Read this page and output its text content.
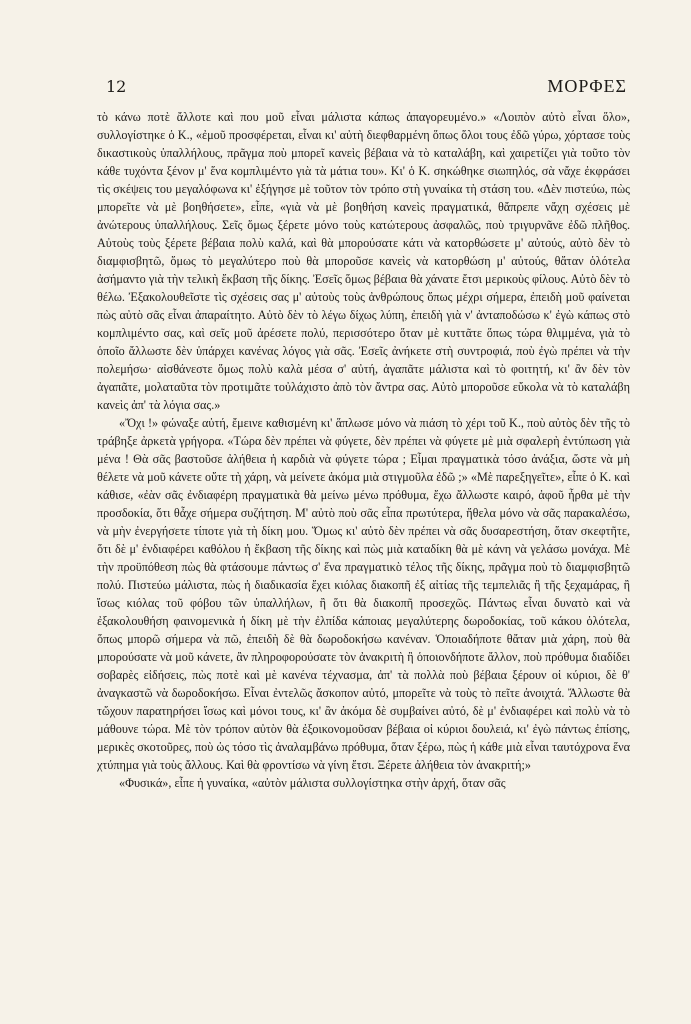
12	ΜΟΡΦΕΣ

τὸ κάνω ποτὲ ἄλλοτε καὶ που μοῦ εἶναι μάλιστα κάπως ἀπαγορευμένο.» «Λοιπὸν αὐτὸ εἶναι ὅλο», συλλογίστηκε ὁ Κ., «ἐμοῦ προσφέρεται, εἶναι κι' αὐτὴ διεφθαρμένη ὅπως ὅλοι τους ἐδῶ γύρω, χόρτασε τοὺς δικαστικοὺς ὑπαλλήλους, πρᾶγμα ποὺ μπορεῖ κανεὶς βέβαια νὰ τὸ καταλάβη, καὶ χαιρετίζει γιὰ τοῦτο τὸν κάθε τυχόντα ξένον μ' ἕνα κομπλιμέντο γιὰ τὰ μάτια του». Κι' ὁ Κ. σηκώθηκε σιωπηλός, σὰ νἄχε ἐκφράσει τὶς σκέψεις του μεγαλόφωνα κι' ἐξήγησε μὲ τοῦτον τὸν τρόπο στὴ γυναίκα τὴ στάση του. «Δὲν πιστεύω, πὼς μπορεῖτε νὰ μὲ βοηθήσετε», εἶπε, «γιὰ νὰ μὲ βοηθήση κανεὶς πραγματικά, θἄπρεπε νἄχη σχέσεις μὲ ἀνώτερους ὑπαλλήλους. Σεῖς ὅμως ξέρετε μόνο τοὺς κατώτερους ἀσφαλῶς, ποὺ τριγυρνᾶνε ἐδῶ πλῆθος. Αὐτοὺς τοὺς ξέρετε βέβαια πολὺ καλά, καὶ θὰ μπορούσατε κάτι νὰ κατορθώσετε μ' αὐτούς, αὐτὸ δὲν τὸ διαμφισβητῶ, ὅμως τὸ μεγαλύτερο ποὺ θὰ μποροῦσε κανεὶς νὰ κατορθώση μ' αὐτούς, θἄταν ὁλότελα ἀσήμαντο γιὰ τὴν τελικὴ ἔκβαση τῆς δίκης. Ἐσεῖς ὅμως βέβαια θὰ χάνατε ἔτσι μερικοὺς φίλους. Αὐτὸ δὲν τὸ θέλω. Ἐξακολουθεῖστε τὶς σχέσεις σας μ' αὐτοὺς τοὺς ἀνθρώπους ὅπως μέχρι σήμερα, ἐπειδὴ μοῦ φαίνεται πὼς αὐτὸ σᾶς εἶναι ἀπαραίτητο. Αὐτὸ δὲν τὸ λέγω δίχως λύπη, ἐπειδὴ γιὰ ν' ἀνταποδώσω κ' ἐγὼ κάπως στὸ κομπλιμέντο σας, καὶ σεῖς μοῦ ἀρέσετε πολύ, περισσότερο ὅταν μὲ κυττᾶτε ὅπως τώρα θλιμμένα, γιὰ τὸ ὁποῖο ἄλλωστε δὲν ὑπάρχει κανένας λόγος γιὰ σᾶς. Ἐσεῖς ἀνήκετε στὴ συντροφιά, ποὺ ἐγὼ πρέπει νὰ τὴν πολεμήσω· αἰσθάνεστε ὅμως πολὺ καλὰ μέσα σ' αὐτή, ἀγαπᾶτε μάλιστα καὶ τὸ φοιτητή, κι' ἂν δὲν τὸν ἀγαπᾶτε, μολαταῦτα τὸν προτιμᾶτε τοὐλάχιστο ἀπὸ τὸν ἄντρα σας. Αὐτὸ μποροῦσε εὔκολα νὰ τὸ καταλάβη κανεὶς ἀπ' τὰ λόγια σας.»

«Ὄχι !» φώναξε αὐτή, ἔμεινε καθισμένη κι' ἅπλωσε μόνο νὰ πιάση τὸ χέρι τοῦ Κ., ποὺ αὐτὸς δὲν τῆς τὸ τράβηξε ἀρκετὰ γρήγορα. «Τώρα δὲν πρέπει νὰ φύγετε, δὲν πρέπει νὰ φύγετε μὲ μιὰ σφαλερὴ ἐντύπωση γιὰ μένα ! Θὰ σᾶς βαστοῦσε ἀλήθεια ἡ καρδιὰ νὰ φύγετε τώρα ; Εἶμαι πραγματικὰ τόσο ἀνάξια, ὥστε νὰ μὴ θέλετε νὰ μοῦ κάνετε οὔτε τὴ χάρη, νὰ μείνετε ἀκόμα μιὰ στιγμοῦλα ἐδῶ ;» «Μὲ παρεξηγεῖτε», εἶπε ὁ Κ. καὶ κάθισε, «ἐὰν σᾶς ἐνδιαφέρη πραγματικὰ θὰ μείνω μένω πρόθυμα, ἔχω ἄλλωστε καιρό, ἀφοῦ ἦρθα μὲ τὴν προσδοκία, ὅτι θἆχε σήμερα συζήτηση. Μ' αὐτὸ ποὺ σᾶς εἶπα πρωτύτερα, ἤθελα μόνο νὰ σᾶς παρακαλέσω, νὰ μὴν ἐνεργήσετε τίποτε γιὰ τὴ δίκη μου. Ὅμως κι' αὐτὸ δὲν πρέπει νὰ σᾶς δυσαρεστήση, ὅταν σκεφτῆτε, ὅτι δὲ μ' ἐνδιαφέρει καθόλου ἡ ἔκβαση τῆς δίκης καὶ πὼς μιὰ καταδίκη θὰ μὲ κάνη νὰ γελάσω μονάχα. Μὲ τὴν προϋπόθεση πὼς θὰ φτάσουμε πάντως σ' ἕνα πραγματικὸ τέλος τῆς δίκης, πρᾶγμα ποὺ τὸ διαμφισβητῶ πολύ. Πιστεύω μάλιστα, πὼς ἡ διαδικασία ἔχει κιόλας διακοπῆ ἐξ αἰτίας τῆς τεμπελιᾶς ἢ τῆς ξεχαμάρας, ἢ ἴσως κιόλας τοῦ φόβου τῶν ὑπαλλήλων, ἢ ὅτι θὰ διακοπῆ προσεχῶς. Πάντως εἶναι δυνατὸ καὶ νὰ ἐξακολουθήση φαινομενικὰ ἡ δίκη μὲ τὴν ἐλπίδα κάποιας μεγαλύτερης δωροδοκίας, τοῦ κάκου ὁλότελα, ὅπως μπορῶ σήμερα νὰ πῶ, ἐπειδὴ δὲ θὰ δωροδοκήσω κανέναν. Ὁποιαδήποτε θἄταν μιὰ χάρη, ποὺ θὰ μπορούσατε νὰ μοῦ κάνετε, ἂν πληροφορούσατε τὸν ἀνακριτὴ ἢ ὁποιονδήποτε ἄλλον, ποὺ πρόθυμα διαδίδει σοβαρὲς εἰδήσεις, πὼς ποτὲ καὶ μὲ κανένα τέχνασμα, ἀπ' τὰ πολλὰ ποὺ βέβαια ξέρουν οἱ κύριοι, δὲ θ' ἀναγκαστῶ νὰ δωροδοκήσω. Εἶναι ἐντελῶς ἄσκοπον αὐτό, μπορεῖτε νὰ τοὺς τὸ πεῖτε ἀνοιχτά. Ἄλλωστε θὰ τὤχουν παρατηρήσει ἴσως καὶ μόνοι τους, κι' ἂν ἀκόμα δὲ συμβαίνει αὐτό, δὲ μ' ἐνδιαφέρει καὶ πολὺ νὰ τὸ μάθουνε τώρα. Μὲ τὸν τρόπον αὐτὸν θὰ ἐξοικονομοῦσαν βέβαια οἱ κύριοι δουλειά, κι' ἐγὼ πάντως ἐπίσης, μερικὲς σκοτοῦρες, ποὺ ὡς τόσο τὶς ἀναλαμβάνω πρόθυμα, ὅταν ξέρω, πὼς ἡ κάθε μιὰ εἶναι ταυτόχρονα ἕνα χτύπημα γιὰ τοὺς ἄλλους. Καὶ θὰ φροντίσω νὰ γίνη ἔτσι. Ξέρετε ἀλήθεια τὸν ἀνακριτή;»

«Φυσικά», εἶπε ἡ γυναίκα, «αὐτὸν μάλιστα συλλογίστηκα στὴν ἀρχή, ὅταν σᾶς
